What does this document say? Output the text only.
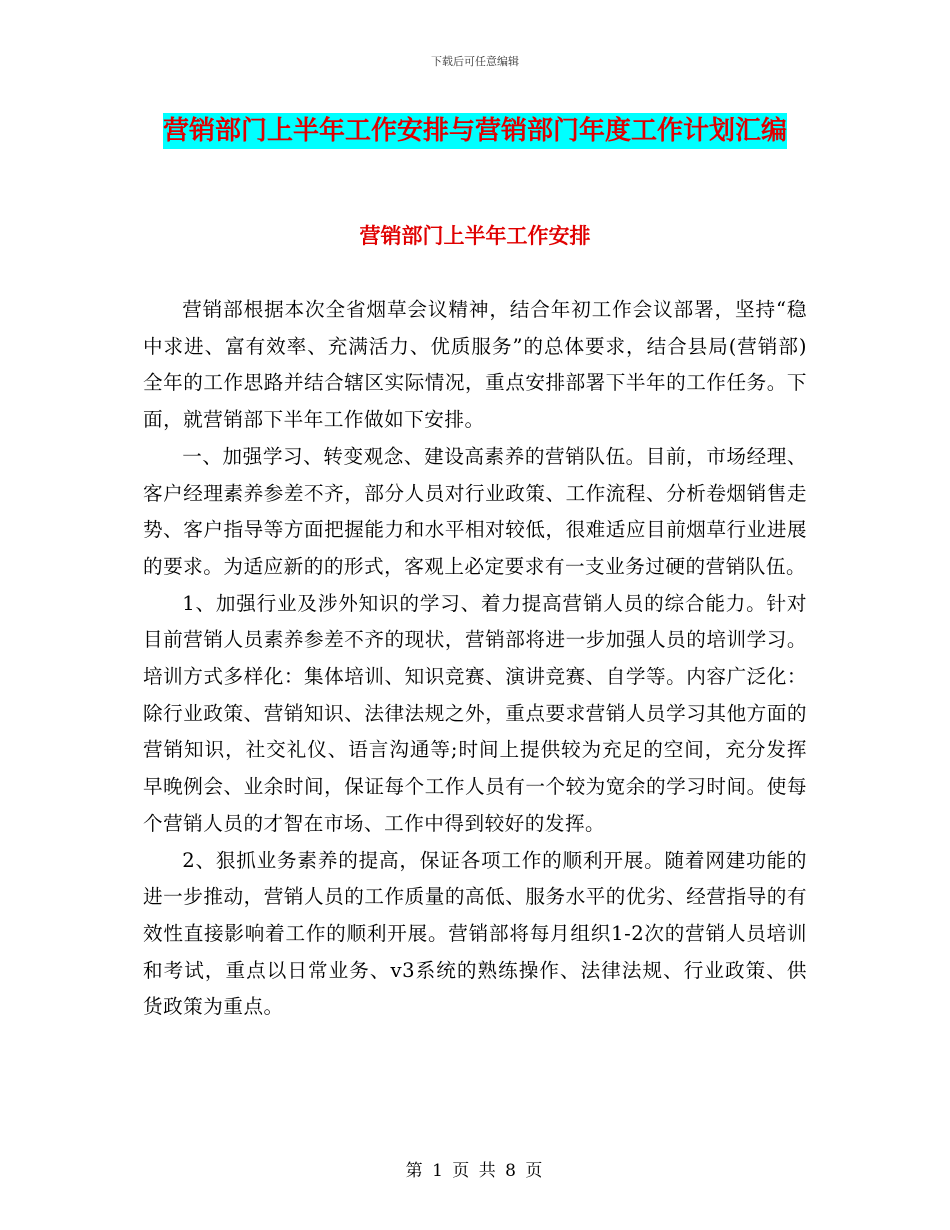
下载后可任意编辑
营销部门上半年工作安排与营销部门年度工作计划汇编
营销部门上半年工作安排

营销部根据本次全省烟草会议精神，结合年初工作会议部署，坚持“稳中求进、富有效率、充满活力、优质服务”的总体要求，结合县局(营销部)全年的工作思路并结合辖区实际情况，重点安排部署下半年的工作任务。下面，就营销部下半年工作做如下安排。

一、加强学习、转变观念、建设高素养的营销队伍。目前，市场经理、客户经理素养参差不齐，部分人员对行业政策、工作流程、分析卷烟销售走势、客户指导等方面把握能力和水平相对较低，很难适应目前烟草行业进展的要求。为适应新的的形式，客观上必定要求有一支业务过硬的营销队伍。

1、加强行业及涉外知识的学习、着力提高营销人员的综合能力。针对目前营销人员素养参差不齐的现状，营销部将进一步加强人员的培训学习。培训方式多样化：集体培训、知识竞赛、演讲竞赛、自学等。内容广泛化：除行业政策、营销知识、法律法规之外，重点要求营销人员学习其他方面的营销知识，社交礼仪、语言沟通等;时间上提供较为充足的空间，充分发挥早晚例会、业余时间，保证每个工作人员有一个较为宽余的学习时间。使每个营销人员的才智在市场、工作中得到较好的发挥。

2、狠抓业务素养的提高，保证各项工作的顺利开展。随着网建功能的进一步推动，营销人员的工作质量的高低、服务水平的优劣、经营指导的有效性直接影响着工作的顺利开展。营销部将每月组织1-2次的营销人员培训和考试，重点以日常业务、v3系统的熟练操作、法律法规、行业政策、供货政策为重点。

第 1 页 共 8 页
